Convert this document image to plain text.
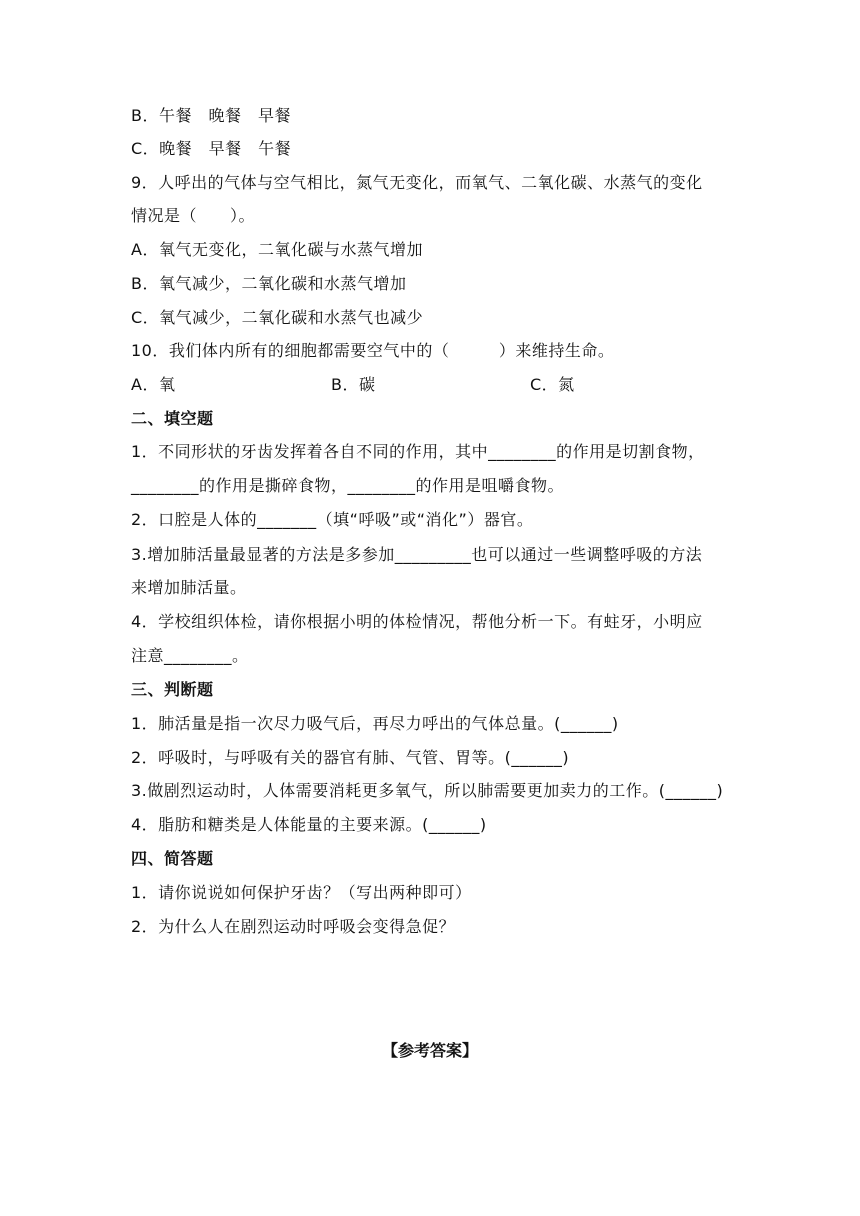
B．午餐　晚餐　早餐
C．晚餐　早餐　午餐
9．人呼出的气体与空气相比，氮气无变化，而氧气、二氧化碳、水蒸气的变化
情况是（　　）。
A．氧气无变化，二氧化碳与水蒸气增加
B．氧气减少，二氧化碳和水蒸气增加
C．氧气减少，二氧化碳和水蒸气也减少
10．我们体内所有的细胞都需要空气中的（　　　）来维持生命。
A．氧	B．碳	C．氮
二、填空题
1．不同形状的牙齿发挥着各自不同的作用，其中________的作用是切割食物，
________的作用是撕碎食物，________的作用是咀嚼食物。
2．口腔是人体的_______（填“呼吸”或“消化”）器官。
3.增加肺活量最显著的方法是多参加_________也可以通过一些调整呼吸的方法
来增加肺活量。
4．学校组织体检，请你根据小明的体检情况，帮他分析一下。有蛀牙，小明应
注意________。
三、判断题
1．肺活量是指一次尽力吸气后，再尽力呼出的气体总量。(______)
2．呼吸时，与呼吸有关的器官有肺、气管、胃等。(______)
3.做剧烈运动时，人体需要消耗更多氧气，所以肺需要更加卖力的工作。(______)
4．脂肪和糖类是人体能量的主要来源。(______)
四、简答题
1．请你说说如何保护牙齿？（写出两种即可）
2．为什么人在剧烈运动时呼吸会变得急促？
【参考答案】
